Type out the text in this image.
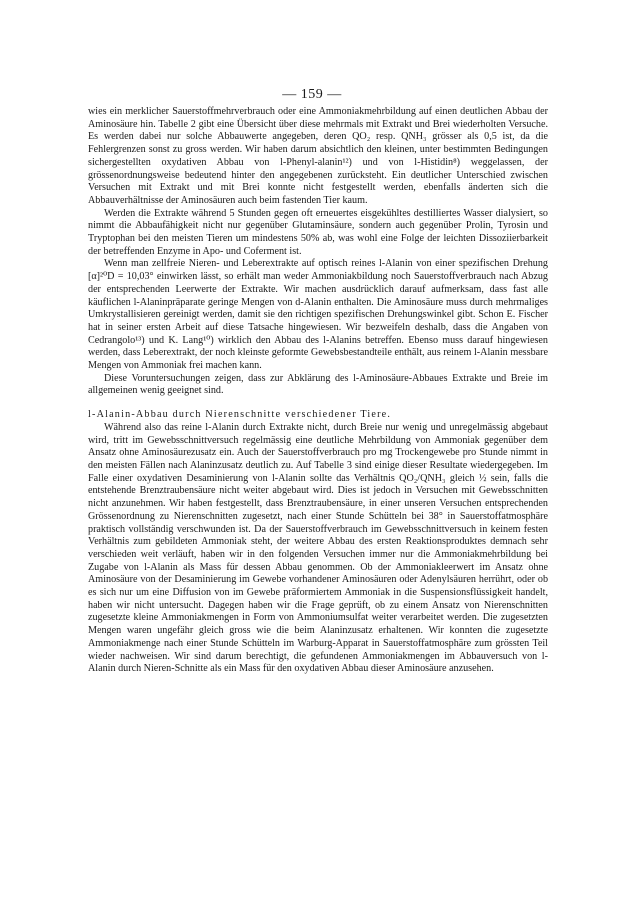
— 159 —

wies ein merklicher Sauerstoffmehrverbrauch oder eine Ammoniakmehrbildung auf einen deutlichen Abbau der Aminosäure hin. Tabelle 2 gibt eine Übersicht über diese mehrmals mit Extrakt und Brei wiederholten Versuche. Es werden dabei nur solche Abbauwerte angegeben, deren QO₂ resp. QNH₃ grösser als 0,5 ist, da die Fehlergrenzen sonst zu gross werden. Wir haben darum absichtlich den kleinen, unter bestimmten Bedingungen sichergestellten oxydativen Abbau von l-Phenyl-alanin¹²) und von l-Histidin⁸) weggelassen, der grössenordnungsweise bedeutend hinter den angegebenen zurücksteht. Ein deutlicher Unterschied zwischen Versuchen mit Extrakt und mit Brei konnte nicht festgestellt werden, ebenfalls änderten sich die Abbauverhältnisse der Aminosäuren auch beim fastenden Tier kaum.

Werden die Extrakte während 5 Stunden gegen oft erneuertes eisgekühltes destilliertes Wasser dialysiert, so nimmt die Abbaufähigkeit nicht nur gegenüber Glutaminsäure, sondern auch gegenüber Prolin, Tyrosin und Tryptophan bei den meisten Tieren um mindestens 50% ab, was wohl eine Folge der leichten Dissoziierbarkeit der betreffenden Enzyme in Apo- und Coferment ist.

Wenn man zellfreie Nieren- und Leberextrakte auf optisch reines l-Alanin von einer spezifischen Drehung [α]²⁰D = 10,03° einwirken lässt, so erhält man weder Ammoniakbildung noch Sauerstoffverbrauch nach Abzug der entsprechenden Leerwerte der Extrakte. Wir machen ausdrücklich darauf aufmerksam, dass fast alle käuflichen l-Alaninpräparate geringe Mengen von d-Alanin enthalten. Die Aminosäure muss durch mehrmaliges Umkrystallisieren gereinigt werden, damit sie den richtigen spezifischen Drehungswinkel gibt. Schon E. Fischer hat in seiner ersten Arbeit auf diese Tatsache hingewiesen. Wir bezweifeln deshalb, dass die Angaben von Cedrangolo¹³) und K. Lang¹⁰) wirklich den Abbau des l-Alanins betreffen. Ebenso muss darauf hingewiesen werden, dass Leberextrakt, der noch kleinste geformte Gewebsbestandteile enthält, aus reinem l-Alanin messbare Mengen von Ammoniak frei machen kann.

Diese Voruntersuchungen zeigen, dass zur Abklärung des l-Aminosäure-Abbaues Extrakte und Breie im allgemeinen wenig geeignet sind.

l-Alanin-Abbau durch Nierenschnitte verschiedener Tiere.

Während also das reine l-Alanin durch Extrakte nicht, durch Breie nur wenig und unregelmässig abgebaut wird, tritt im Gewebsschnittversuch regelmässig eine deutliche Mehrbildung von Ammoniak gegenüber dem Ansatz ohne Aminosäurezusatz ein. Auch der Sauerstoffverbrauch pro mg Trockengewebe pro Stunde nimmt in den meisten Fällen nach Alaninzusatz deutlich zu. Auf Tabelle 3 sind einige dieser Resultate wiedergegeben. Im Falle einer oxydativen Desaminierung von l-Alanin sollte das Verhältnis QO₂/QNH₃ gleich ½ sein, falls die entstehende Brenztraubensäure nicht weiter abgebaut wird. Dies ist jedoch in Versuchen mit Gewebsschnitten nicht anzunehmen. Wir haben festgestellt, dass Brenztraubensäure, in einer unseren Versuchen entsprechenden Grössenordnung zu Nierenschnitten zugesetzt, nach einer Stunde Schütteln bei 38° in Sauerstoffatmosphäre praktisch vollständig verschwunden ist. Da der Sauerstoffverbrauch im Gewebsschnittversuch in keinem festen Verhältnis zum gebildeten Ammoniak steht, der weitere Abbau des ersten Reaktionsproduktes demnach sehr verschieden weit verläuft, haben wir in den folgenden Versuchen immer nur die Ammoniakmehrbildung bei Zugabe von l-Alanin als Mass für dessen Abbau genommen. Ob der Ammoniakleerwert im Ansatz ohne Aminosäure von der Desaminierung im Gewebe vorhandener Aminosäuren oder Adenylsäuren herrührt, oder ob es sich nur um eine Diffusion von im Gewebe präformiertem Ammoniak in die Suspensionsflüssigkeit handelt, haben wir nicht untersucht. Dagegen haben wir die Frage geprüft, ob zu einem Ansatz von Nierenschnitten zugesetzte kleine Ammoniakmengen in Form von Ammoniumsulfat weiter verarbeitet werden. Die zugesetzten Mengen waren ungefähr gleich gross wie die beim Alaninzusatz erhaltenen. Wir konnten die zugesetzte Ammoniakmenge nach einer Stunde Schütteln im Warburg-Apparat in Sauerstoffatmosphäre zum grössten Teil wieder nachweisen. Wir sind darum berechtigt, die gefundenen Ammoniakmengen im Abbauversuch von l-Alanin durch Nieren-Schnitte als ein Mass für den oxydativen Abbau dieser Aminosäure anzusehen.
